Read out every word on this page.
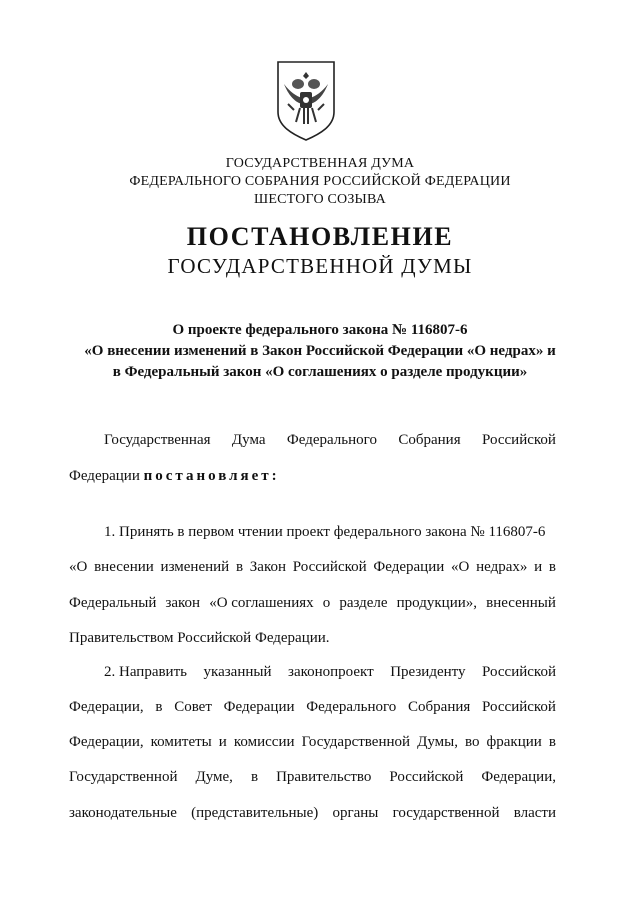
ГОСУДАРСТВЕННАЯ ДУМА
ФЕДЕРАЛЬНОГО СОБРАНИЯ РОССИЙСКОЙ ФЕДЕРАЦИИ
ШЕСТОГО СОЗЫВА
ПОСТАНОВЛЕНИЕ
ГОСУДАРСТВЕННОЙ ДУМЫ
О проекте федерального закона № 116807-6
«О внесении изменений в Закон Российской Федерации «О недрах» и
в Федеральный закон «О соглашениях о разделе продукции»
Государственная Дума Федерального Собрания Российской
Федерации постановляет:
1. Принять в первом чтении проект федерального закона № 116807-6
«О внесении изменений в Закон Российской Федерации «О недрах» и в
Федеральный закон «О соглашениях о разделе продукции», внесенный
Правительством Российской Федерации.
2. Направить указанный законопроект Президенту Российской
Федерации, в Совет Федерации Федерального Собрания Российской
Федерации, комитеты и комиссии Государственной Думы, во фракции в
Государственной Думе, в Правительство Российской Федерации,
законодательные (представительные) органы государственной власти
